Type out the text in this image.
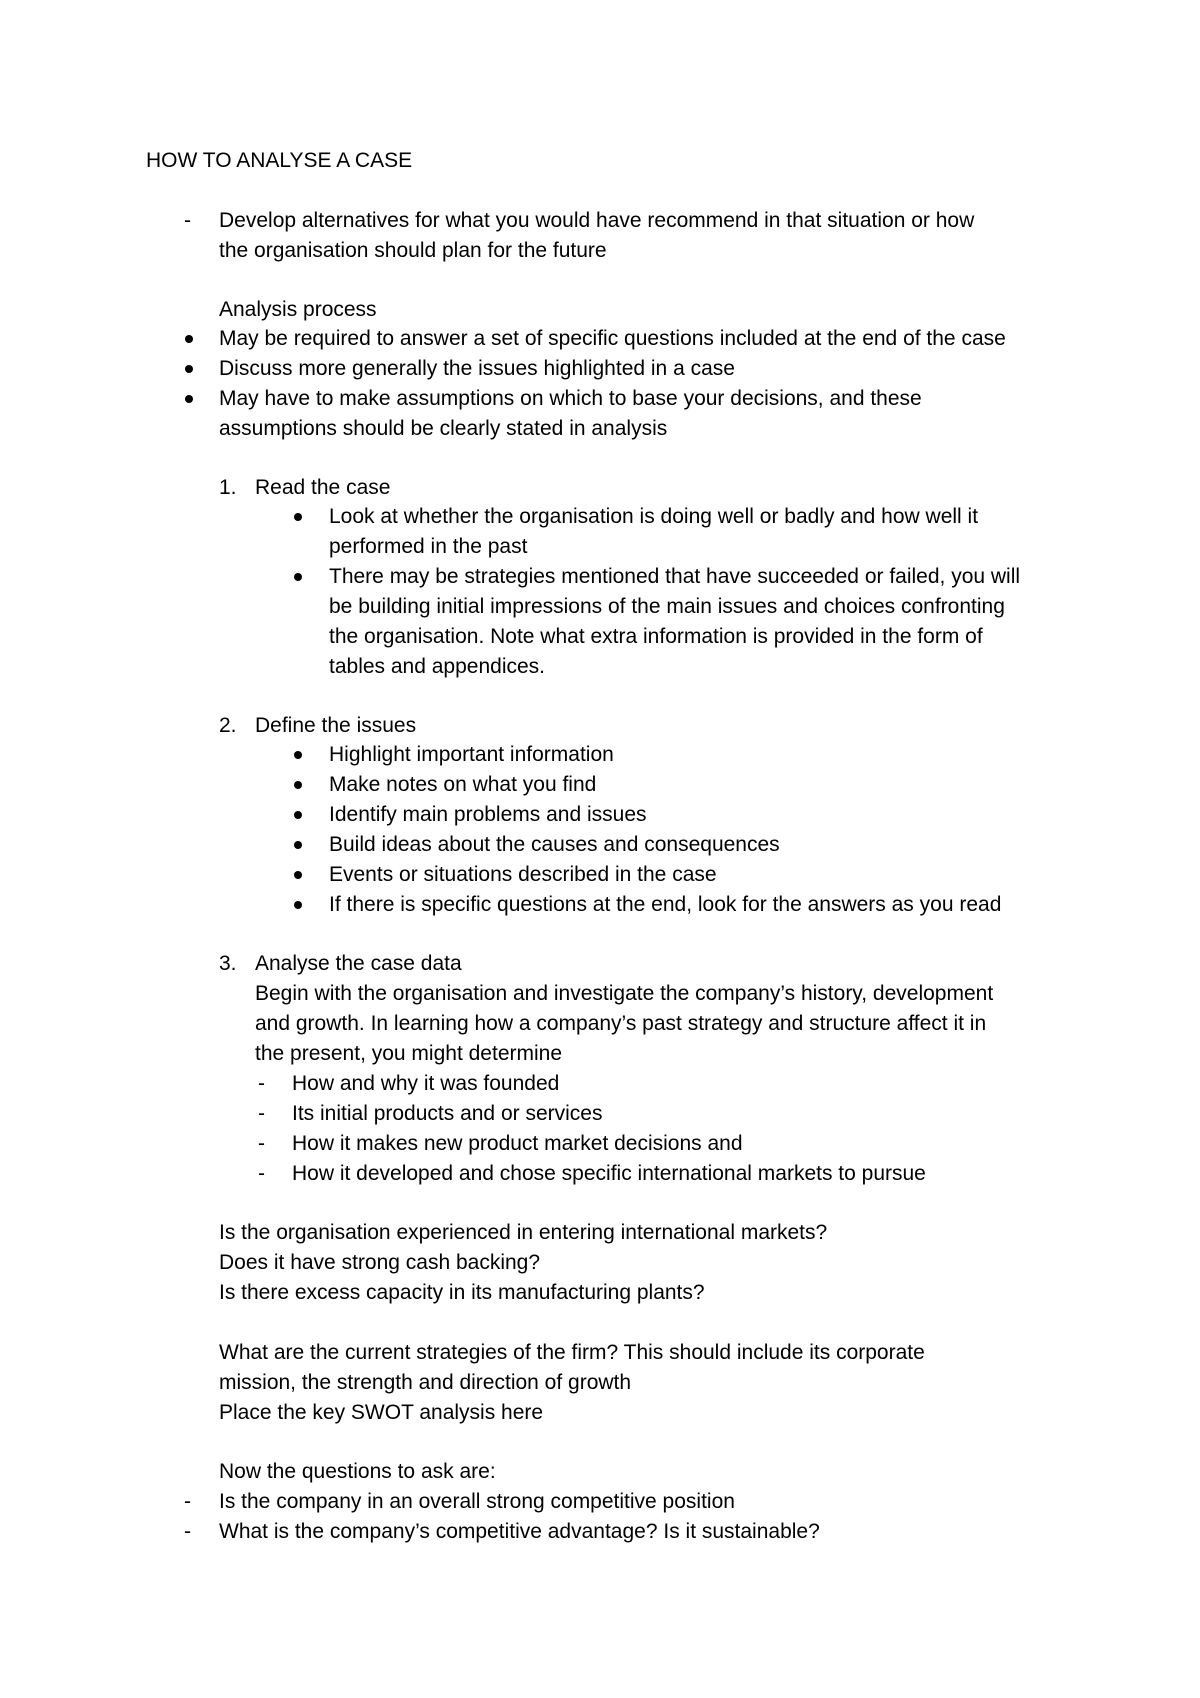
HOW TO ANALYSE A CASE
- Develop alternatives for what you would have recommend in that situation or how
the organisation should plan for the future
Analysis process
May be required to answer a set of specific questions included at the end of the case
Discuss more generally the issues highlighted in a case
May have to make assumptions on which to base your decisions, and these
assumptions should be clearly stated in analysis
1. Read the case
Look at whether the organisation is doing well or badly and how well it
performed in the past
There may be strategies mentioned that have succeeded or failed, you will
be building initial impressions of the main issues and choices confronting
the organisation. Note what extra information is provided in the form of
tables and appendices.
2. Define the issues
Highlight important information
Make notes on what you find
Identify main problems and issues
Build ideas about the causes and consequences
Events or situations described in the case
If there is specific questions at the end, look for the answers as you read
3. Analyse the case data
Begin with the organisation and investigate the company’s history, development
and growth. In learning how a company’s past strategy and structure affect it in
the present, you might determine
- How and why it was founded
- Its initial products and or services
- How it makes new product market decisions and
- How it developed and chose specific international markets to pursue
Is the organisation experienced in entering international markets?
Does it have strong cash backing?
Is there excess capacity in its manufacturing plants?
What are the current strategies of the firm? This should include its corporate
mission, the strength and direction of growth
Place the key SWOT analysis here
Now the questions to ask are:
- Is the company in an overall strong competitive position
- What is the company’s competitive advantage? Is it sustainable?
